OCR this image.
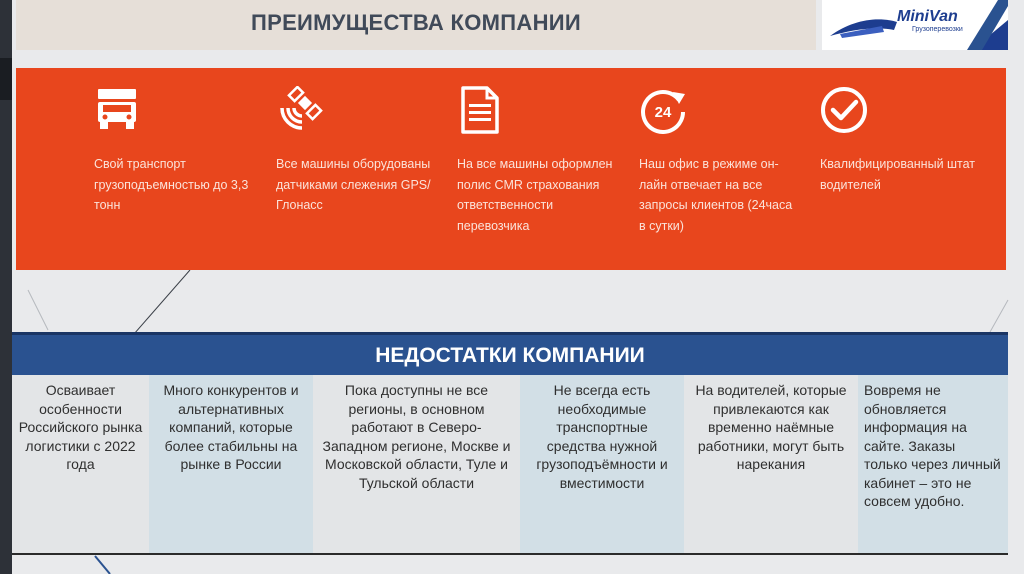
ПРЕИМУЩЕСТВА КОМПАНИИ	MiniVan
Грузоперевозки
Свой транспорт грузоподъемностью до 3,3 тонн
Все машины оборудованы датчиками слежения GPS/ Глонасс
На все машины оформлен полис CMR страхования ответственности перевозчика
24
Наш офис в режиме он-лайн отвечает на все запросы клиентов (24часа в сутки)
Квалифицированный штат водителей
НЕДОСТАТКИ КОМПАНИИ
Осваивает особенности Российского рынка логистики с 2022 года
Много конкурентов и альтернативных компаний, которые более стабильны на рынке в России
Пока доступны не все регионы, в основном работают в Северо-Западном регионе, Москве и Московской области, Туле и Тульской области
Не всегда есть необходимые транспортные средства нужной грузоподъёмности и вместимости
На водителей, которые привлекаются как временно наёмные работники, могут быть нарекания
Вовремя не обновляется информация на сайте. Заказы только через личный кабинет – это не совсем удобно.
